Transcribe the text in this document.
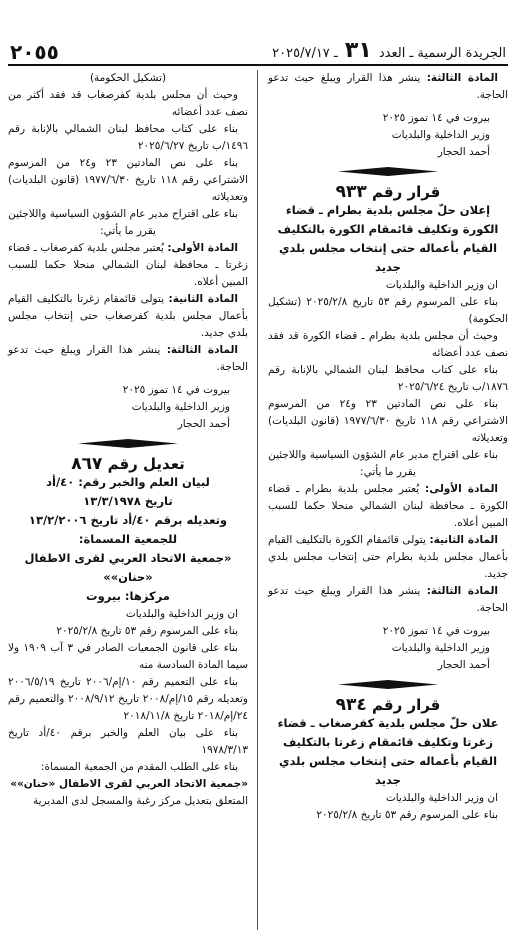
الجريدة الرسمية ـ العدد ٣١ ـ ٢٠٢٥/٧/١٧
٢٠٥٥

المادة الثالثة: ينشر هذا القرار ويبلغ حيث تدعو الحاجة.

بيروت في ١٤ تموز ٢٠٢٥

وزير الداخلية والبلديات

أحمد الحجار

قرار رقم ٩٣٣

إعلان حلّ مجلس بلدية بطرام ـ قضاء الكورة وتكليف قائمقام الكورة بالتكليف القيام بأعماله حتى إنتخاب مجلس بلدي جديد

ان وزير الداخلية والبلديات

بناء على المرسوم رقم ٥٣ تاريخ ٢٠٢٥/٢/٨ (تشكيل الحكومة)

وحيث أن مجلس بلدية بطرام ـ قضاء الكورة قد فقد نصف عدد أعضائه

بناء على كتاب محافظ لبنان الشمالي بالإنابة رقم ١٨٧٦/ب تاريخ ٢٠٢٥/٦/٢٤

بناء على نص المادتين ٢٣ و٢٤ من المرسوم الاشتراعي رقم ١١٨ تاريخ ١٩٧٧/٦/٣٠ (قانون البلديات) وتعديلاته

بناء على اقتراح مدير عام الشؤون السياسية واللاجئين

يقرر ما يأتي:

المادة الأولى: يُعتبر مجلس بلدية بطرام ـ قضاء الكورة ـ محافظة لبنان الشمالي منحلا حكما للسبب المبين أعلاه.

المادة الثانية: يتولى قائمقام الكورة بالتكليف القيام بأعمال مجلس بلدية بطرام حتى إنتخاب مجلس بلدي جديد.

المادة الثالثة: ينشر هذا القرار ويبلغ حيث تدعو الحاجة.

بيروت في ١٤ تموز ٢٠٢٥

وزير الداخلية والبلديات

أحمد الحجار

قرار رقم ٩٣٤

علان حلّ مجلس بلدية كفرصغاب ـ قضاء زغرتا وتكليف قائمقام زغرتا بالتكليف القيام بأعماله حتى إنتخاب مجلس بلدي جديد

ان وزير الداخلية والبلديات

بناء على المرسوم رقم ٥٣ تاريخ ٢٠٢٥/٢/٨

(تشكيل الحكومة)

وحيث أن مجلس بلدية كفرصغاب قد فقد أكثر من نصف عدد أعضائه

بناء على كتاب محافظ لبنان الشمالي بالإنابة رقم ١٤٩٦/ب تاريخ ٢٠٢٥/٦/٢٧

بناء على نص المادتين ٢٣ و٢٤ من المرسوم الاشتراعي رقم ١١٨ تاريخ ١٩٧٧/٦/٣٠ (قانون البلديات) وتعديلاته

بناء على اقتراح مدير عام الشؤون السياسية واللاجئين

يقرر ما يأتي:

المادة الأولى: يُعتبر مجلس بلدية كفرصغاب ـ قضاء زغرتا ـ محافظة لبنان الشمالي منحلا حكما للسبب المبين أعلاه.

المادة الثانية: يتولى قائمقام زغرتا بالتكليف القيام بأعمال مجلس بلدية كفرصغاب حتى إنتخاب مجلس بلدي جديد.

المادة الثالثة: ينشر هذا القرار ويبلغ حيث تدعو الحاجة.

بيروت في ١٤ تموز ٢٠٢٥

وزير الداخلية والبلديات

أحمد الحجار

تعديل رقم ٨٦٧

لبيان العلم والخبر رقم: ٤٠/أد

تاريخ ١٣/٣/١٩٧٨

وتعديله برقم ٤٠/أد تاريخ ١٣/٢/٢٠٠٦

للجمعية المسماة:

«جمعية الاتحاد العربي لقرى الاطفال «حنان»»

مركزها: بيروت

ان وزير الداخلية والبلديات

بناء على المرسوم رقم ٥٣ تاريخ ٢٠٢٥/٢/٨

بناء على قانون الجمعيات الصادر في ٣ آب ١٩٠٩ ولا سيما المادة السادسة منه

بناء على التعميم رقم ١٠/إم/٢٠٠٦ تاريخ ٢٠٠٦/٥/١٩ وتعديله رقم ١٥/إم/٢٠٠٨ تاريخ ٢٠٠٨/٩/١٢ والتعميم رقم ٢٤/إم/٢٠١٨ تاريخ ٢٠١٨/١١/٨

بناء على بيان العلم والخبر برقم ٤٠/أد تاريخ ١٩٧٨/٣/١٣

بناء على الطلب المقدم من الجمعية المسماة:

«جمعية الاتحاد العربي لقرى الاطفال «حنان»»

المتعلق بتعديل مركز رغبة والمسجل لدى المديرية
